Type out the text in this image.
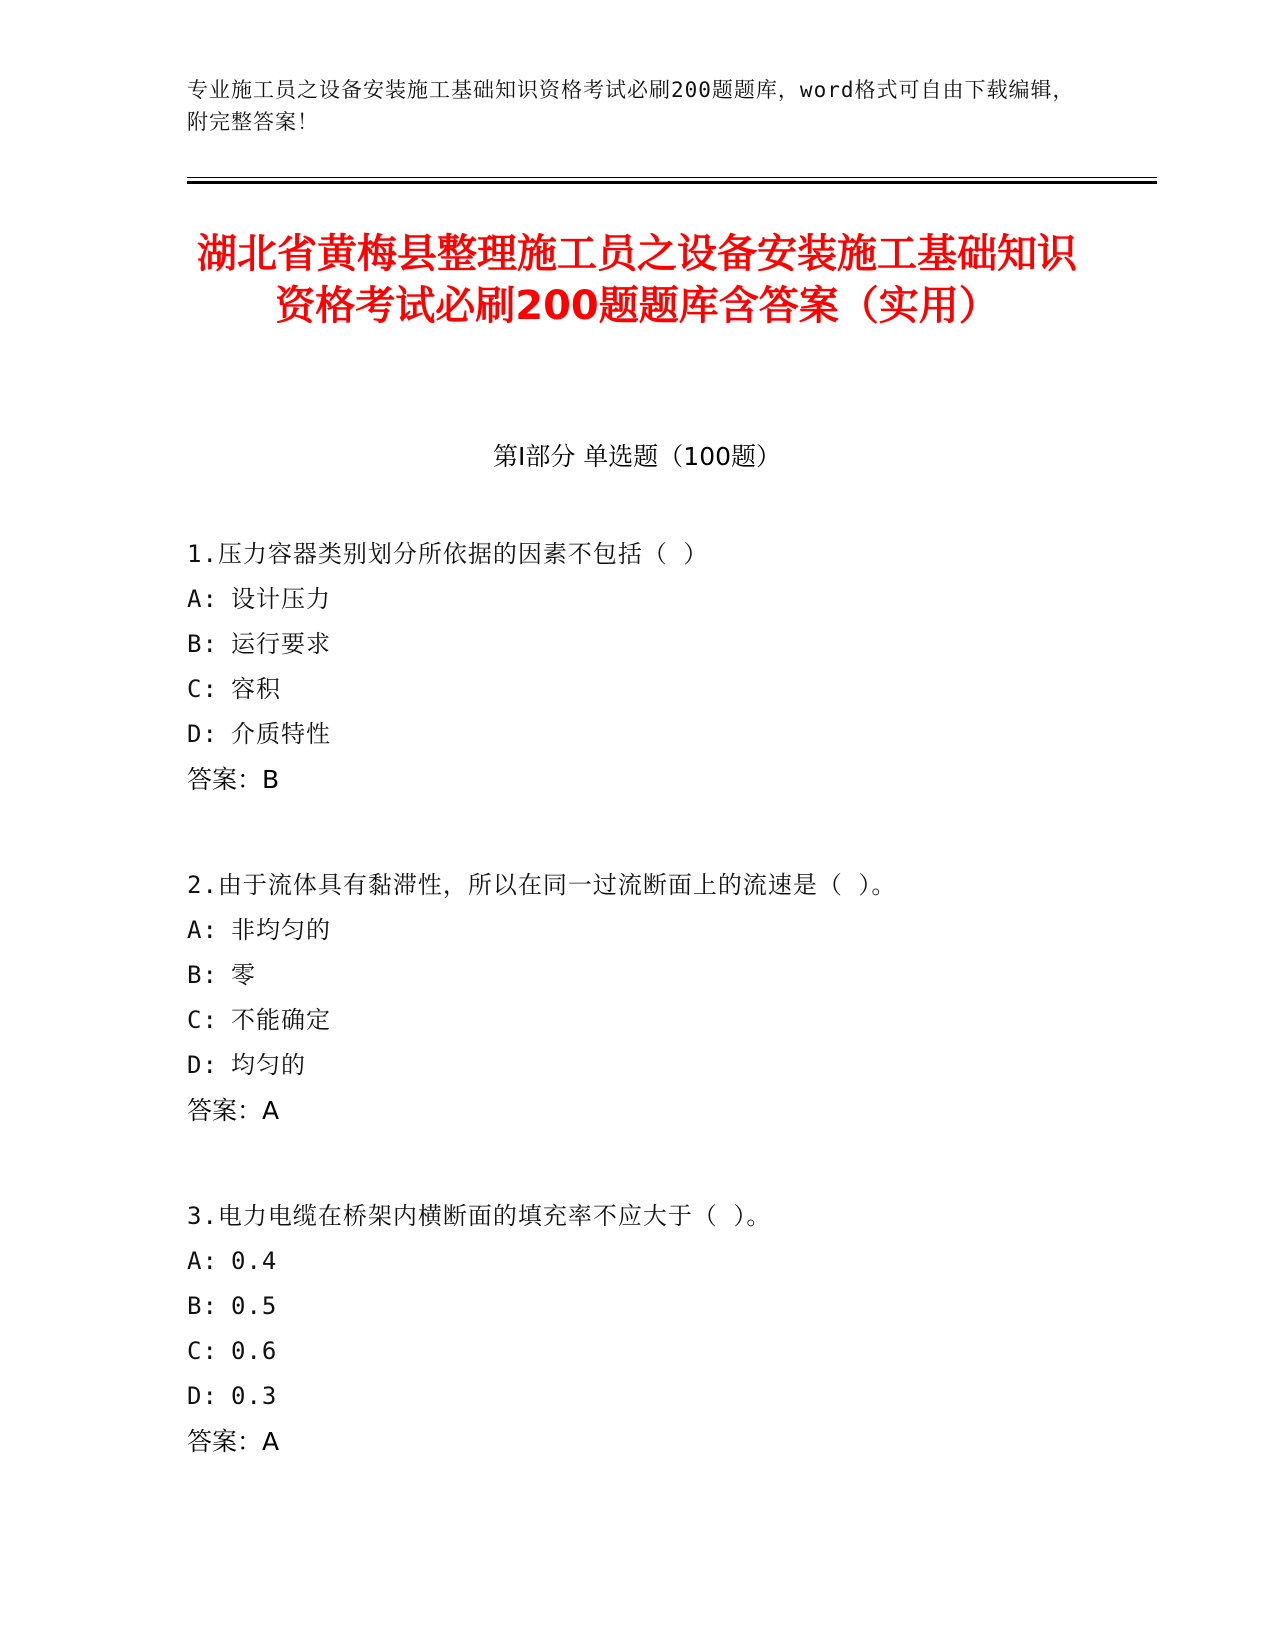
专业施工员之设备安装施工基础知识资格考试必刷200题题库，word格式可自由下载编辑，附完整答案！
湖北省黄梅县整理施工员之设备安装施工基础知识资格考试必刷200题题库含答案（实用）
第Ⅰ部分 单选题（100题）
1.压力容器类别划分所依据的因素不包括（ ）
A: 设计压力
B: 运行要求
C: 容积
D: 介质特性
答案：B
2.由于流体具有黏滞性，所以在同一过流断面上的流速是（ ）。
A: 非均匀的
B: 零
C: 不能确定
D: 均匀的
答案：A
3.电力电缆在桥架内横断面的填充率不应大于（ ）。
A: 0.4
B: 0.5
C: 0.6
D: 0.3
答案：A
